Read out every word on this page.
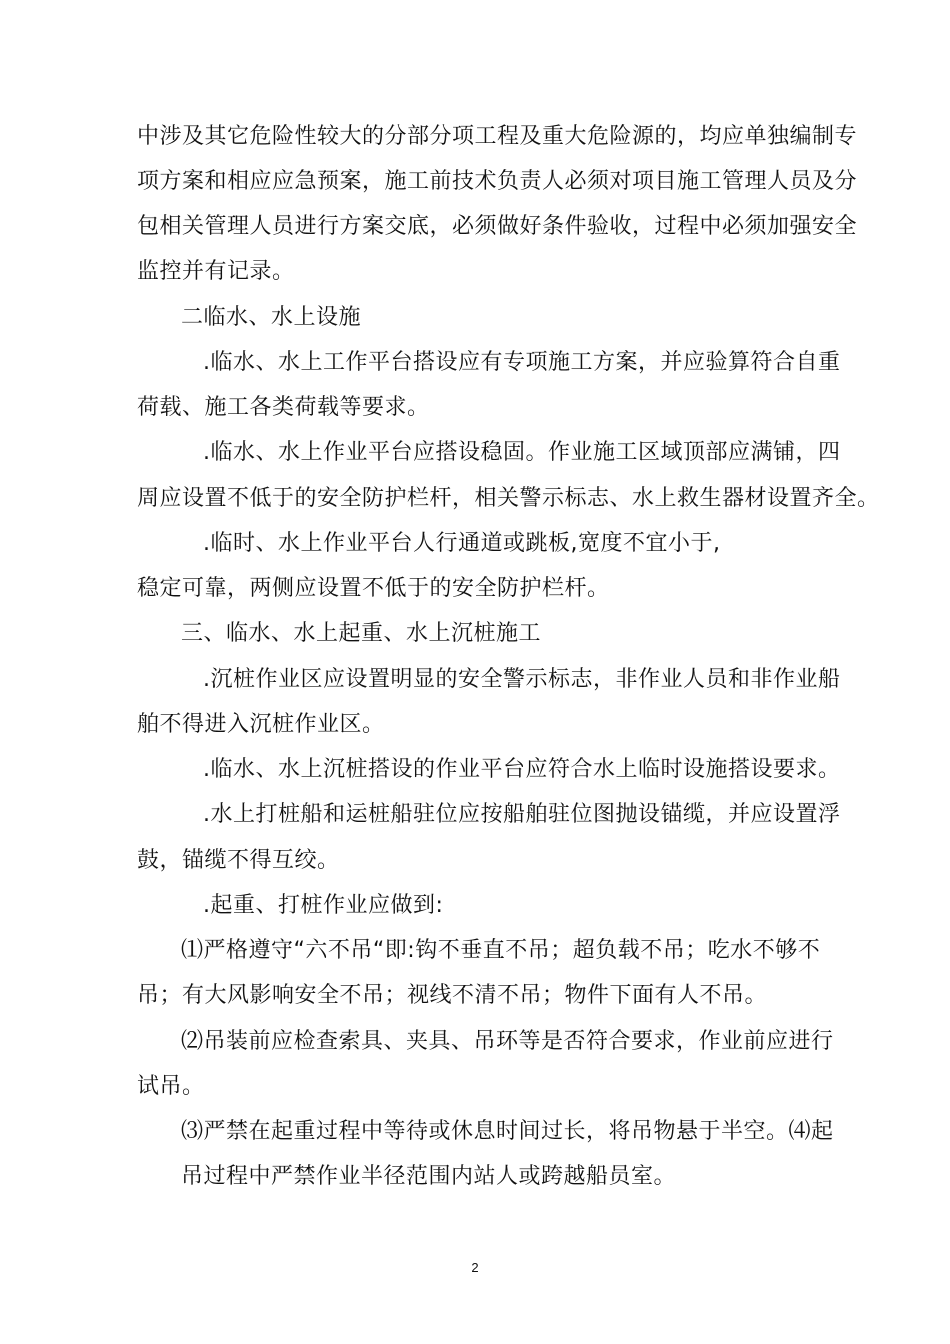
中涉及其它危险性较大的分部分项工程及重大危险源的，均应单独编制专
项方案和相应应急预案，施工前技术负责人必须对项目施工管理人员及分
包相关管理人员进行方案交底，必须做好条件验收，过程中必须加强安全
监控并有记录。
二临水、水上设施
.临水、水上工作平台搭设应有专项施工方案，并应验算符合自重
荷载、施工各类荷载等要求。
.临水、水上作业平台应搭设稳固。作业施工区域顶部应满铺，四
周应设置不低于的安全防护栏杆，相关警示标志、水上救生器材设置齐全。
.临时、水上作业平台人行通道或跳板,宽度不宜小于,
稳定可靠，两侧应设置不低于的安全防护栏杆。
三、临水、水上起重、水上沉桩施工
.沉桩作业区应设置明显的安全警示标志，非作业人员和非作业船
舶不得进入沉桩作业区。
.临水、水上沉桩搭设的作业平台应符合水上临时设施搭设要求。
.水上打桩船和运桩船驻位应按船舶驻位图抛设锚缆，并应设置浮
鼓，锚缆不得互绞。
.起重、打桩作业应做到:
⑴严格遵守“六不吊“即:钩不垂直不吊；超负载不吊；吃水不够不
吊；有大风影响安全不吊；视线不清不吊；物件下面有人不吊。
⑵吊装前应检查索具、夹具、吊环等是否符合要求，作业前应进行
试吊。
⑶严禁在起重过程中等待或休息时间过长，将吊物悬于半空。⑷起
吊过程中严禁作业半径范围内站人或跨越船员室。
2
